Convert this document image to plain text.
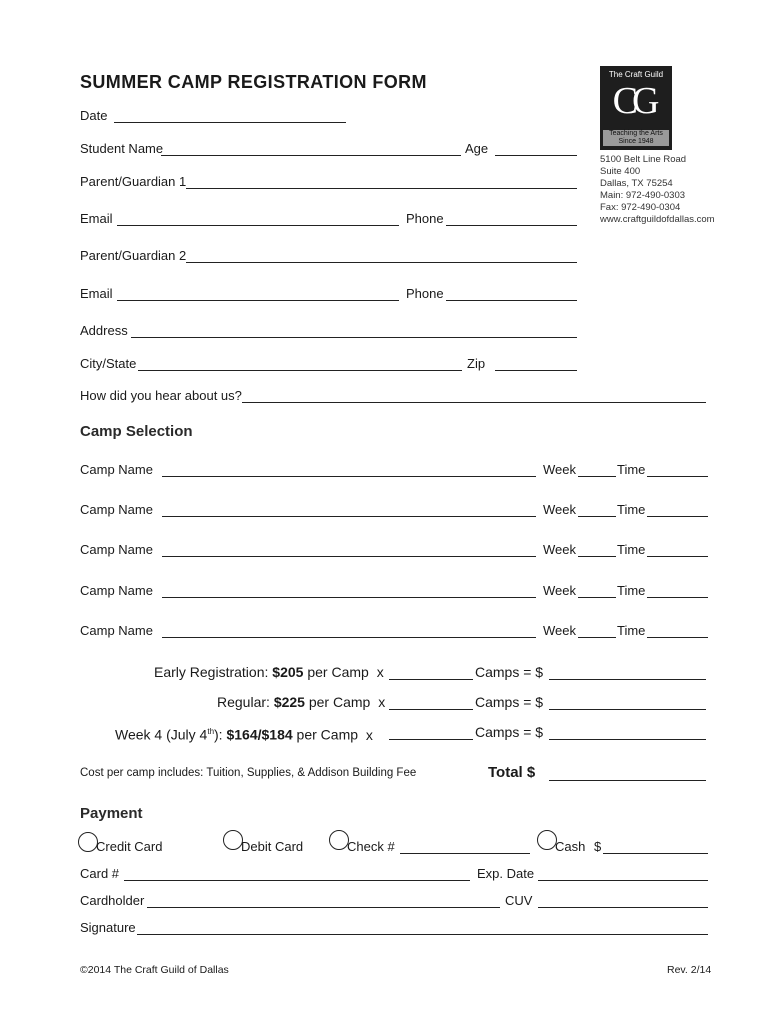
SUMMER CAMP REGISTRATION FORM	The Craft Guild
CG
Teaching the Arts
Since 1948
5100 Belt Line Road
Suite 400
Dallas, TX 75254
Main: 972-490-0303
Fax: 972-490-0304
www.craftguildofdallas.com
Date
Student Name	Age
Parent/Guardian 1
Email	Phone
Parent/Guardian 2
Email	Phone
Address
City/State	Zip
How did you hear about us?
Camp Selection
Camp Name	Week	Time
Camp Name	Week	Time
Camp Name	Week	Time
Camp Name	Week	Time
Camp Name	Week	Time
Early Registration: $205 per Camp x	Camps = $
Regular: $225 per Camp x	Camps = $
Week 4 (July 4th): $164/$184 per Camp x	Camps = $
Cost per camp includes: Tuition, Supplies, & Addison Building Fee	Total $
Payment
Credit Card	Debit Card	Check #	Cash $
Card #	Exp. Date
Cardholder	CUV
Signature
©2014 The Craft Guild of Dallas	Rev. 2/14
